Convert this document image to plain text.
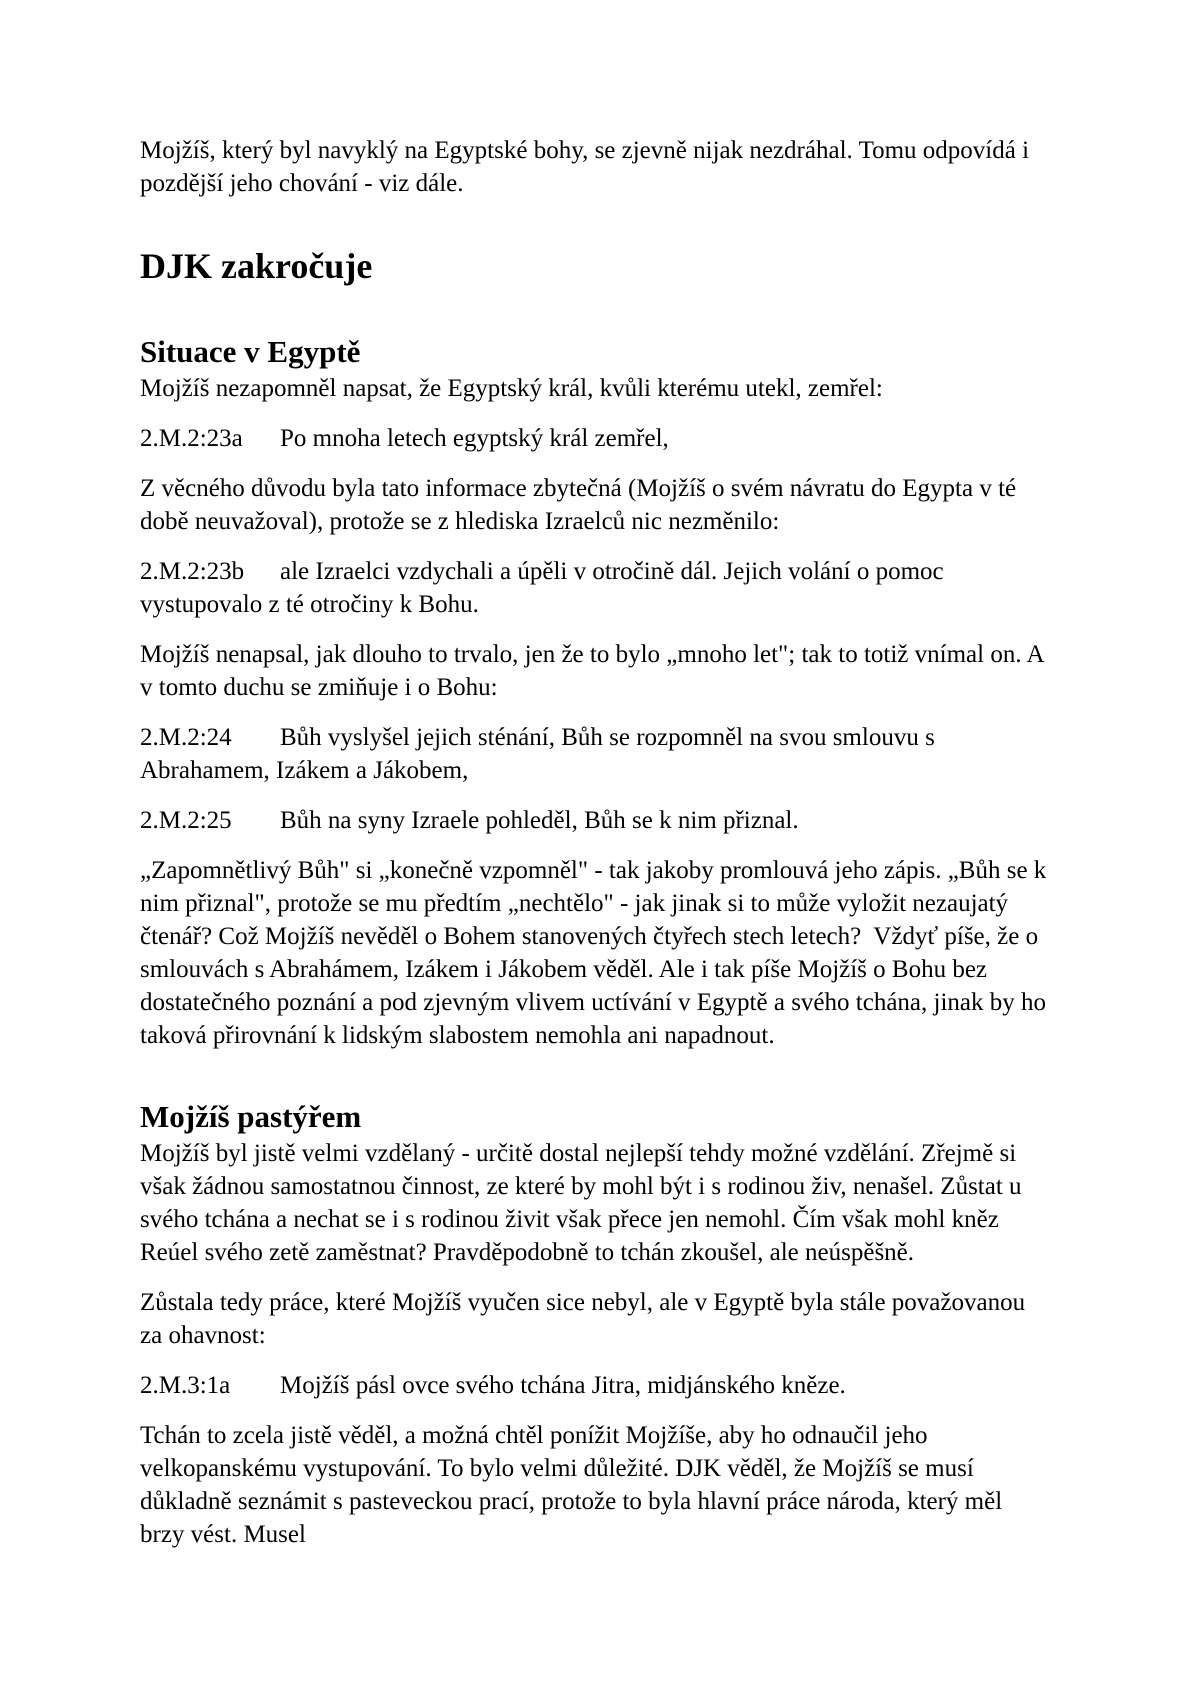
Mojžíš, který byl navyklý na Egyptské bohy, se zjevně nijak nezdráhal. Tomu odpovídá i pozdější jeho chování - viz dále.

DJK zakročuje
Situace v Egyptě

Mojžíš nezapomněl napsat, že Egyptský král, kvůli kterému utekl, zemřel:

2.M.2:23a Po mnoha letech egyptský král zemřel,

Z věcného důvodu byla tato informace zbytečná (Mojžíš o svém návratu do Egypta v té době neuvažoval), protože se z hlediska Izraelců nic nezměnilo:

2.M.2:23b ale Izraelci vzdychali a úpěli v otročině dál. Jejich volání o pomoc vystupovalo z té otročiny k Bohu.

Mojžíš nenapsal, jak dlouho to trvalo, jen že to bylo „mnoho let"; tak to totiž vnímal on. A v tomto duchu se zmiňuje i o Bohu:

2.M.2:24 Bůh vyslyšel jejich sténání, Bůh se rozpomněl na svou smlouvu s Abrahamem, Izákem a Jákobem,
2.M.2:25 Bůh na syny Izraele pohleděl, Bůh se k nim přiznal.

„Zapomnětlivý Bůh" si „konečně vzpomněl" - tak jakoby promlouvá jeho zápis. „Bůh se k nim přiznal", protože se mu předtím „nechtělo" - jak jinak si to může vyložit nezaujatý čtenář? Což Mojžíš nevěděl o Bohem stanovených čtyřech stech letech?  Vždyť píše, že o smlouvách s Abrahámem, Izákem i Jákobem věděl. Ale i tak píše Mojžíš o Bohu bez dostatečného poznání a pod zjevným vlivem uctívání v Egyptě a svého tchána, jinak by ho taková přirovnání k lidským slabostem nemohla ani napadnout.

Mojžíš pastýřem

Mojžíš byl jistě velmi vzdělaný - určitě dostal nejlepší tehdy možné vzdělání. Zřejmě si však žádnou samostatnou činnost, ze které by mohl být i s rodinou živ, nenašel. Zůstat u svého tchána a nechat se i s rodinou živit však přece jen nemohl. Čím však mohl kněz Reúel svého zetě zaměstnat? Pravděpodobně to tchán zkoušel, ale neúspěšně.

Zůstala tedy práce, které Mojžíš vyučen sice nebyl, ale v Egyptě byla stále považovanou za ohavnost:

2.M.3:1a Mojžíš pásl ovce svého tchána Jitra, midjánského kněze.

Tchán to zcela jistě věděl, a možná chtěl ponížit Mojžíše, aby ho odnaučil jeho velkopanskému vystupování. To bylo velmi důležité. DJK věděl, že Mojžíš se musí důkladně seznámit s pasteveckou prací, protože to byla hlavní práce národa, který měl brzy vést. Musel
